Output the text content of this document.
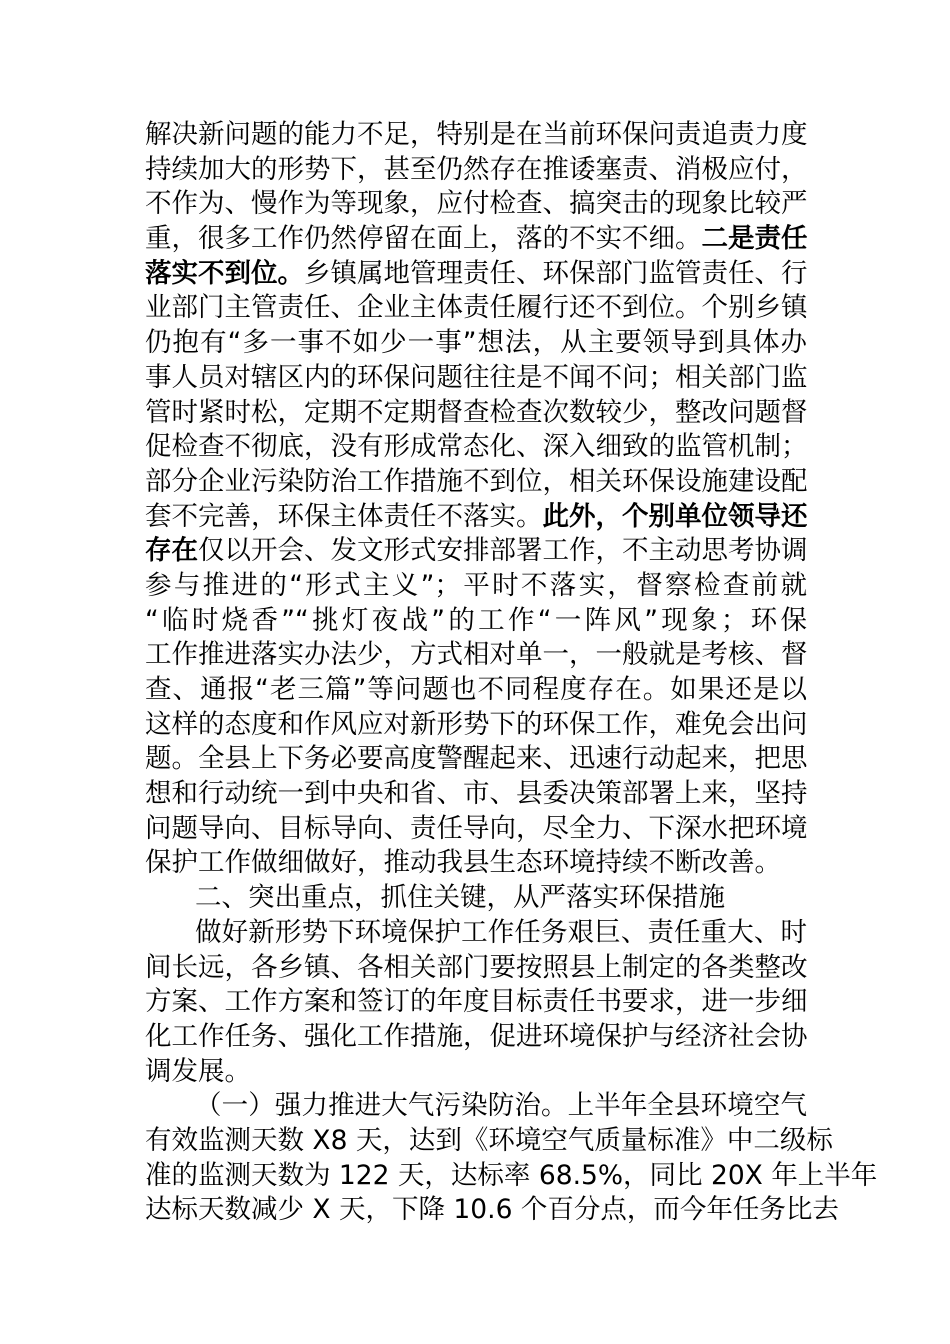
解决新问题的能力不足，特别是在当前环保问责追责力度
持续加大的形势下，甚至仍然存在推诿塞责、消极应付，
不作为、慢作为等现象，应付检查、搞突击的现象比较严
重，很多工作仍然停留在面上，落的不实不细。二是责任
落实不到位。乡镇属地管理责任、环保部门监管责任、行
业部门主管责任、企业主体责任履行还不到位。个别乡镇
仍抱有“多一事不如少一事”想法，从主要领导到具体办
事人员对辖区内的环保问题往往是不闻不问；相关部门监
管时紧时松，定期不定期督查检查次数较少，整改问题督
促检查不彻底，没有形成常态化、深入细致的监管机制；
部分企业污染防治工作措施不到位，相关环保设施建设配
套不完善，环保主体责任不落实。此外，个别单位领导还
存在仅以开会、发文形式安排部署工作，不主动思考协调
参与推进的“形式主义”；平时不落实，督察检查前就
“临时烧香”“挑灯夜战”的工作“一阵风”现象；环保
工作推进落实办法少，方式相对单一，一般就是考核、督
查、通报“老三篇”等问题也不同程度存在。如果还是以
这样的态度和作风应对新形势下的环保工作，难免会出问
题。全县上下务必要高度警醒起来、迅速行动起来，把思
想和行动统一到中央和省、市、县委决策部署上来，坚持
问题导向、目标导向、责任导向，尽全力、下深水把环境
保护工作做细做好，推动我县生态环境持续不断改善。
二、突出重点，抓住关键，从严落实环保措施
做好新形势下环境保护工作任务艰巨、责任重大、时
间长远，各乡镇、各相关部门要按照县上制定的各类整改
方案、工作方案和签订的年度目标责任书要求，进一步细
化工作任务、强化工作措施，促进环境保护与经济社会协
调发展。
（一）强力推进大气污染防治。上半年全县环境空气
有效监测天数 X8 天，达到《环境空气质量标准》中二级标
准的监测天数为 122 天，达标率 68.5%，同比 20X 年上半年
达标天数减少 X 天，下降 10.6 个百分点，而今年任务比去
